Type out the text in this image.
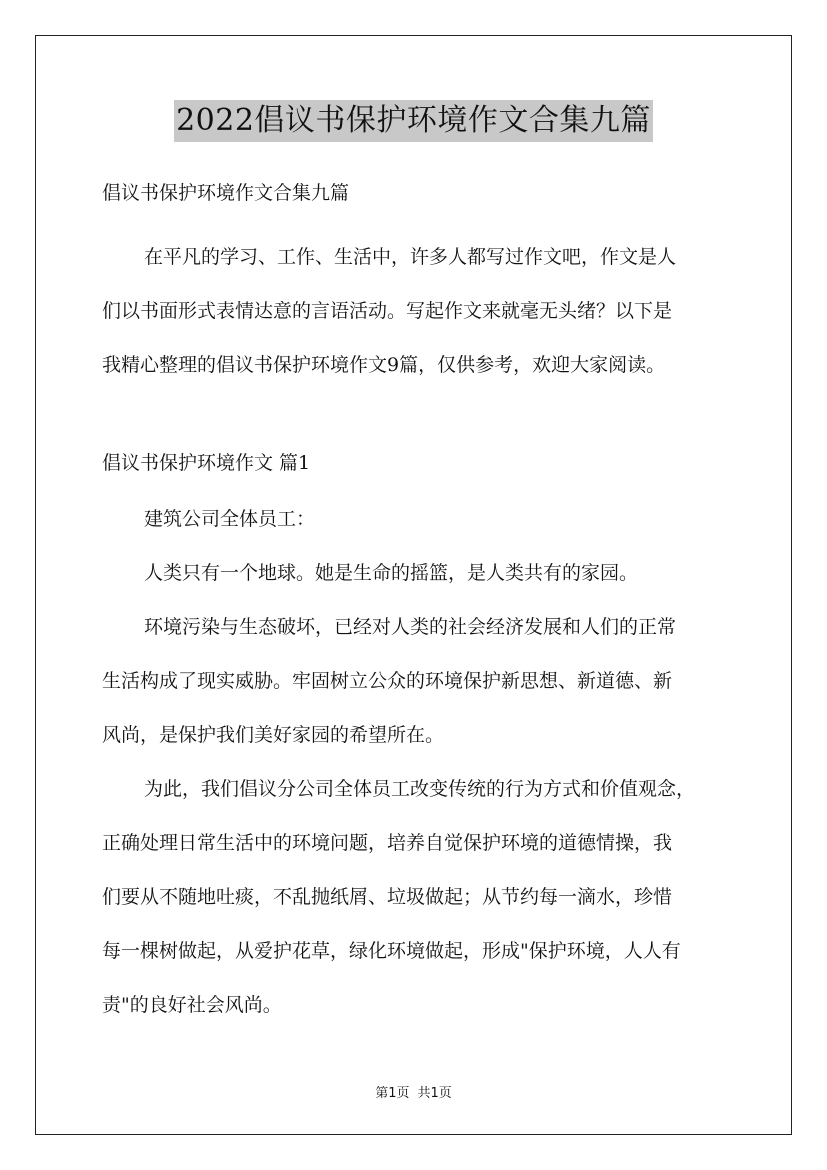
2022倡议书保护环境作文合集九篇

倡议书保护环境作文合集九篇

在平凡的学习、工作、生活中，许多人都写过作文吧，作文是人
们以书面形式表情达意的言语活动。写起作文来就毫无头绪？以下是
我精心整理的倡议书保护环境作文9篇，仅供参考，欢迎大家阅读。

倡议书保护环境作文 篇1

建筑公司全体员工：
人类只有一个地球。她是生命的摇篮，是人类共有的家园。
环境污染与生态破坏，已经对人类的社会经济发展和人们的正常
生活构成了现实威胁。牢固树立公众的环境保护新思想、新道德、新
风尚，是保护我们美好家园的希望所在。
为此，我们倡议分公司全体员工改变传统的行为方式和价值观念，
正确处理日常生活中的环境问题，培养自觉保护环境的道德情操，我
们要从不随地吐痰，不乱抛纸屑、垃圾做起；从节约每一滴水，珍惜
每一棵树做起，从爱护花草，绿化环境做起，形成"保护环境，人人有
责"的良好社会风尚。
第1页 共1页
